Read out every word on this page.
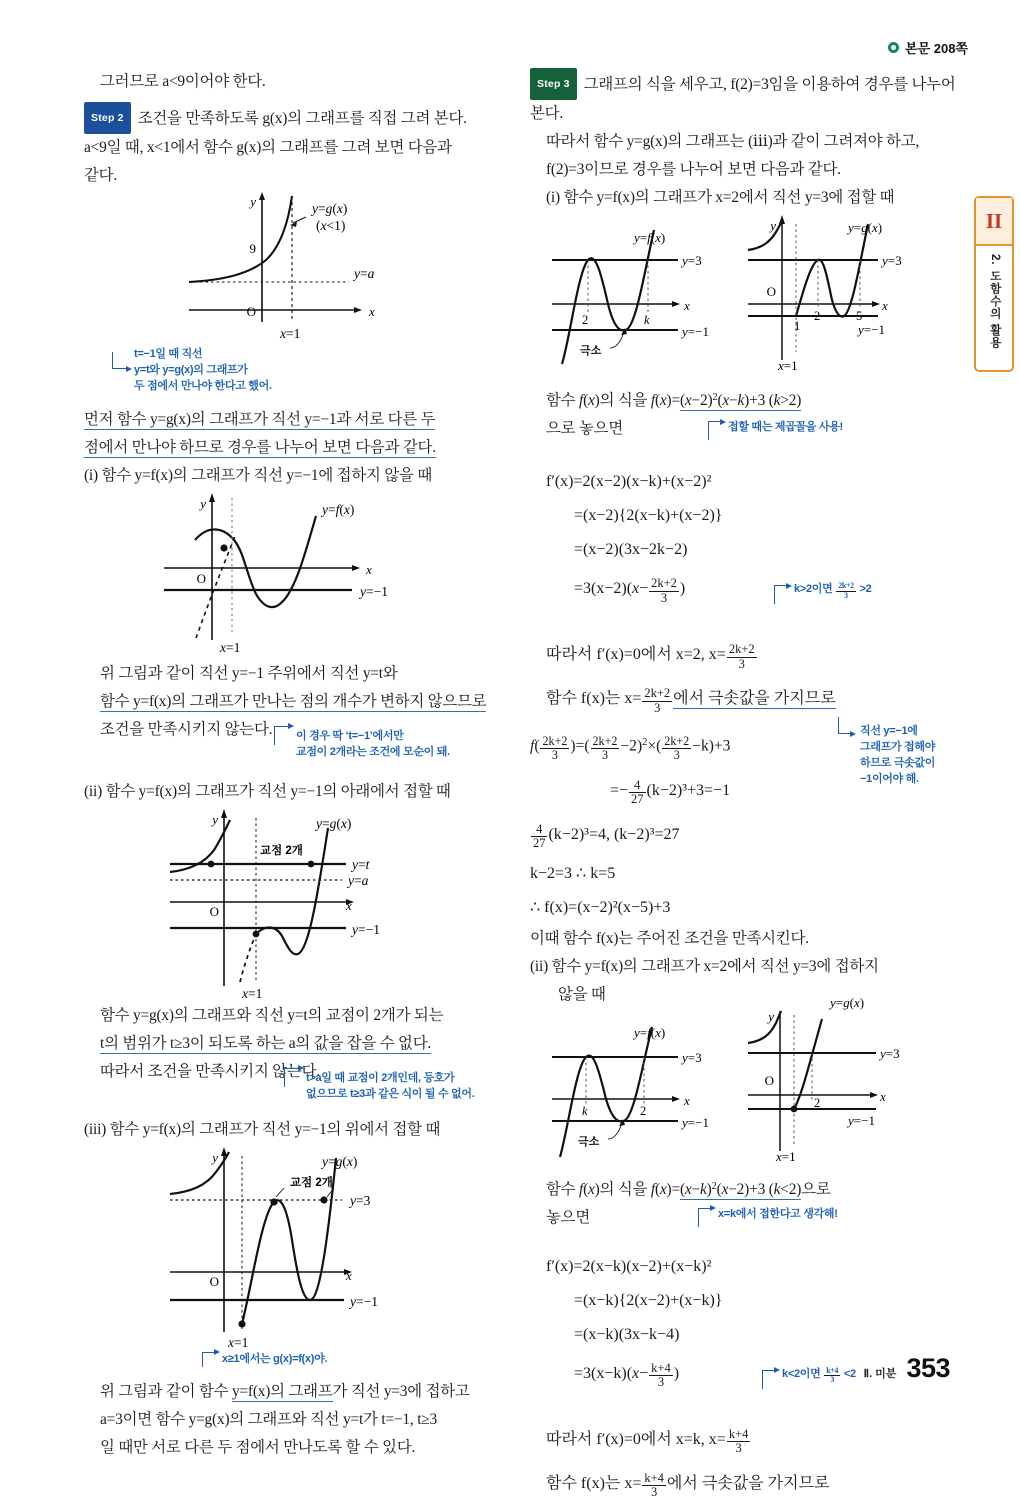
본문 208쪽
II
2. 도함수의 활용
그러므로 a<9이어야 한다.
Step 2 조건을 만족하도록 g(x)의 그래프를 직접 그려 본다.
a<9일 때, x<1에서 함수 g(x)의 그래프를 그려 보면 다음과
같다.
y
x
O
9
y=g(x)
(x<1)
y=a
x=1
t=−1일 때 직선
y=t와 y=g(x)의 그래프가
두 점에서 만나야 한다고 했어.
먼저 함수 y=g(x)의 그래프가 직선 y=−1과 서로 다른 두
점에서 만나야 하므로 경우를 나누어 보면 다음과 같다.
(i) 함수 y=f(x)의 그래프가 직선 y=−1에 접하지 않을 때
y
x
O
y=f(x)
y=−1
x=1
위 그림과 같이 직선 y=−1 주위에서 직선 y=t와
함수 y=f(x)의 그래프가 만나는 점의 개수가 변하지 않으므로
조건을 만족시키지 않는다.	이 경우 딱 ‘t=−1’에서만
교점이 2개라는 조건에 모순이 돼.
(ii) 함수 y=f(x)의 그래프가 직선 y=−1의 아래에서 접할 때
y
x
O
y=g(x)
교점 2개
y=t
y=a
y=−1
x=1
함수 y=g(x)의 그래프와 직선 y=t의 교점이 2개가 되는
t의 범위가 t≥3이 되도록 하는 a의 값을 잡을 수 없다.
따라서 조건을 만족시키지 않는다.
t>a일 때 교점이 2개인데, 등호가
없으므로 t≥3과 같은 식이 될 수 없어.
(iii) 함수 y=f(x)의 그래프가 직선 y=−1의 위에서 접할 때
y
x
O
y=g(x)
교점 2개
y=3
y=−1
x=1
x≥1에서는 g(x)=f(x)야.
위 그림과 같이 함수 y=f(x)의 그래프가 직선 y=3에 접하고
a=3이면 함수 y=g(x)의 그래프와 직선 y=t가 t=−1, t≥3
일 때만 서로 다른 두 점에서 만나도록 할 수 있다.
Step 3 그래프의 식을 세우고, f(2)=3임을 이용하여 경우를 나누어
본다.
따라서 함수 y=g(x)의 그래프는 (ⅲ)과 같이 그려져야 하고,
f(2)=3이므로 경우를 나누어 보면 다음과 같다.
(i) 함수 y=f(x)의 그래프가 x=2에서 직선 y=3에 접할 때
2	k
x
y=f(x)
y=3
y=−1
극소
O
1
2	5
x
y	y=g(x)
y=3
y=−1
x=1
함수 f(x)의 식을 $f(x)=(x-2)^2(x-k)+3$ (k>2)
으로 놓으면	접할 때는 제곱꼴을 사용!
f′(x)=2(x−2)(x−k)+(x−2)²
=(x−2){2(x−k)+(x−2)}
=(x−2)(3x−2k−2)
$=3(x-2)(x- \frac{2k+2}{3}$ )	k>2이면 $\frac{2k+2}{3} >2$
따라서 f′(x)=0에서 x=2, $x= \frac{2k+2}{3}$
함수 f(x)는 $x= \frac{2k+2}{3}$ 에서 극솟값을 가지므로
직선 y=−1에
그래프가 접해야
하므로 극솟값이
−1이어야 해.
$f( \frac{2k+2}{3}$ )=( $\frac{2k+2}{3} -2)^2\times( \frac{2k+2}{3} -k)+3$
=− $\frac{4}{27} (k-2)^3+3=-1$
$\frac{4}{27} (k-2)^3=4$, (k−2)³=27
k−2=3 ∴ k=5
∴ f(x)=(x−2)²(x−5)+3
이때 함수 f(x)는 주어진 조건을 만족시킨다.
(ii) 함수 y=f(x)의 그래프가 x=2에서 직선 y=3에 접하지
않을 때
k	2
x
y=f(x)
y=3
y=−1
극소
O
2	x
y
y=g(x)
y=3
y=−1
x=1
함수 f(x)의 식을 $f(x)=(x-k)^2(x-2)+3$ (k<2)으로
놓으면	x=k에서 접한다고 생각해!
f′(x)=2(x−k)(x−2)+(x−k)²
=(x−k){2(x−2)+(x−k)}
=(x−k)(3x−k−4)
$=3(x-k)(x- \frac{k+4}{3}$ )	k<2이면 $\frac{k+4}{3} <2$
따라서 f′(x)=0에서 x=k, $x= \frac{k+4}{3}$
함수 f(x)는 $x= \frac{k+4}{3}$ 에서 극솟값을 가지므로
Ⅱ. 미분 353
